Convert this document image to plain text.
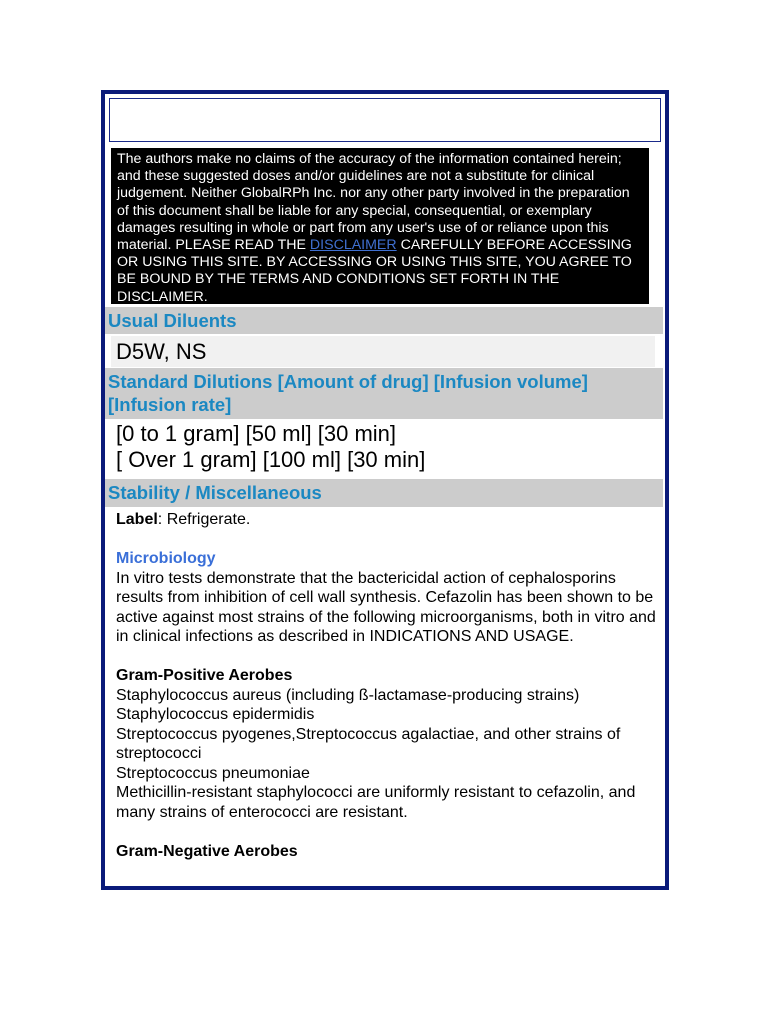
The authors make no claims of the accuracy of the information contained herein; and these suggested doses and/or guidelines are not a substitute for clinical judgement. Neither GlobalRPh Inc. nor any other party involved in the preparation of this document shall be liable for any special, consequential, or exemplary damages resulting in whole or part from any user's use of or reliance upon this material. PLEASE READ THE DISCLAIMER CAREFULLY BEFORE ACCESSING OR USING THIS SITE. BY ACCESSING OR USING THIS SITE, YOU AGREE TO BE BOUND BY THE TERMS AND CONDITIONS SET FORTH IN THE DISCLAIMER.
Usual Diluents
D5W, NS
Standard Dilutions [Amount of drug] [Infusion volume] [Infusion rate]
[0 to 1 gram] [50 ml] [30 min]
[ Over 1 gram] [100 ml] [30 min]
Stability / Miscellaneous

Label: Refrigerate.

Microbiology

In vitro tests demonstrate that the bactericidal action of cephalosporins results from inhibition of cell wall synthesis. Cefazolin has been shown to be active against most strains of the following microorganisms, both in vitro and in clinical infections as described in INDICATIONS AND USAGE.

Gram-Positive Aerobes

Staphylococcus aureus (including ß-lactamase-producing strains)

Staphylococcus epidermidis

Streptococcus pyogenes,Streptococcus agalactiae, and other strains of streptococci

Streptococcus pneumoniae

Methicillin-resistant staphylococci are uniformly resistant to cefazolin, and many strains of enterococci are resistant.

Gram-Negative Aerobes
